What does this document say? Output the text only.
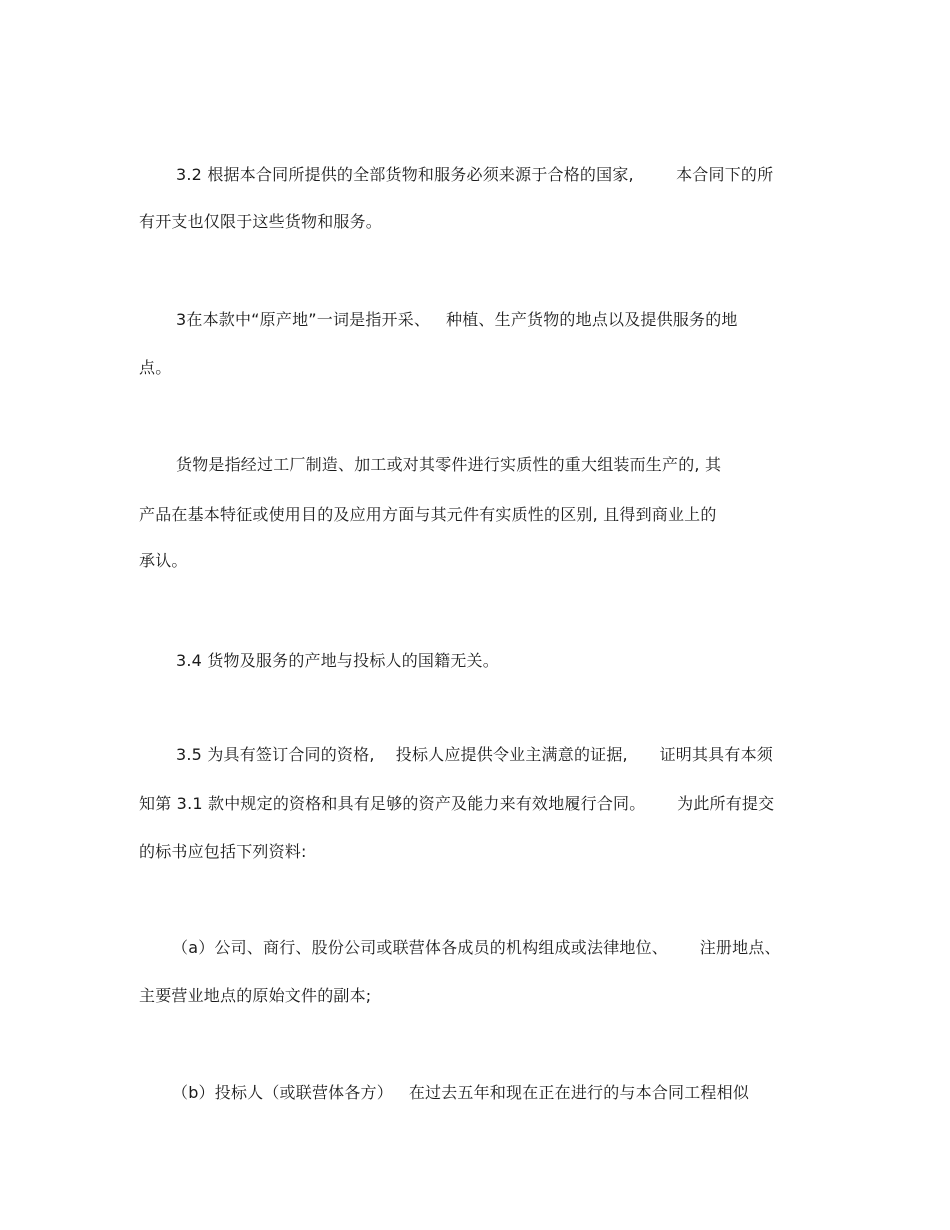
3.2 根据本合同所提供的全部货物和服务必须来源于合格的国家,        本合同下的所
有开支也仅限于这些货物和服务。
3在本款中“原产地”一词是指开采、   种植、生产货物的地点以及提供服务的地
点。
货物是指经过工厂制造、加工或对其零件进行实质性的重大组装而生产的, 其
产品在基本特征或使用目的及应用方面与其元件有实质性的区别, 且得到商业上的
承认。
3.4 货物及服务的产地与投标人的国籍无关。
3.5 为具有签订合同的资格,    投标人应提供令业主满意的证据,      证明其具有本须
知第 3.1 款中规定的资格和具有足够的资产及能力来有效地履行合同。      为此所有提交
的标书应包括下列资料:
（a）公司、商行、股份公司或联营体各成员的机构组成或法律地位、      注册地点、
主要营业地点的原始文件的副本;
（b）投标人（或联营体各方）   在过去五年和现在正在进行的与本合同工程相似
